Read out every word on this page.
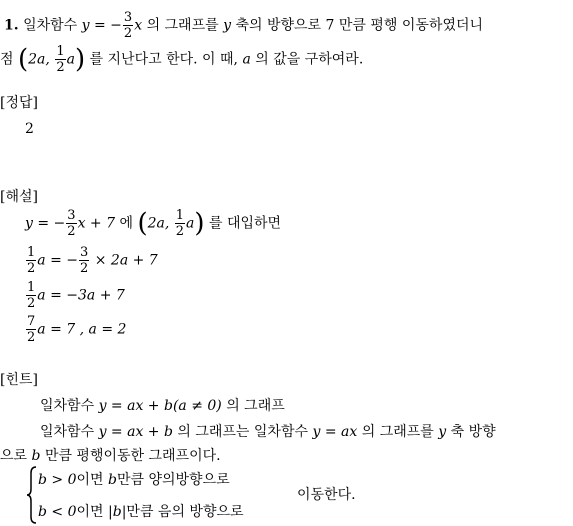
1. 일차함수 y = − $\frac{3}{2}$ x 의 그래프를 y 축의 방향으로 7 만큼 평행 이동하였더니
점 (2a, $\frac{1}{2} a$) 를 지난다고 한다. 이 때, a 의 값을 구하여라.
[정답]
2
[해설]
y = − $\frac{3}{2}$ x + 7 에 (2a, $\frac{1}{2} a$) 를 대입하면
$\frac{1}{2}$ a = − $\frac{3}{2} \times 2a + 7$
$\frac{1}{2}$ a = −3a + 7
$\frac{7}{2}$ a = 7 , a = 2
[힌트]
일차함수 y = ax + b(a ≠ 0) 의 그래프
일차함수 y = ax + b 의 그래프는 일차함수 y = ax 의 그래프를 y 축 방향
으로 b 만큼 평행이동한 그래프이다.
b > 0이면 b만큼 양의방향으로
b < 0이면 |b|만큼 음의 방향으로
이동한다.
